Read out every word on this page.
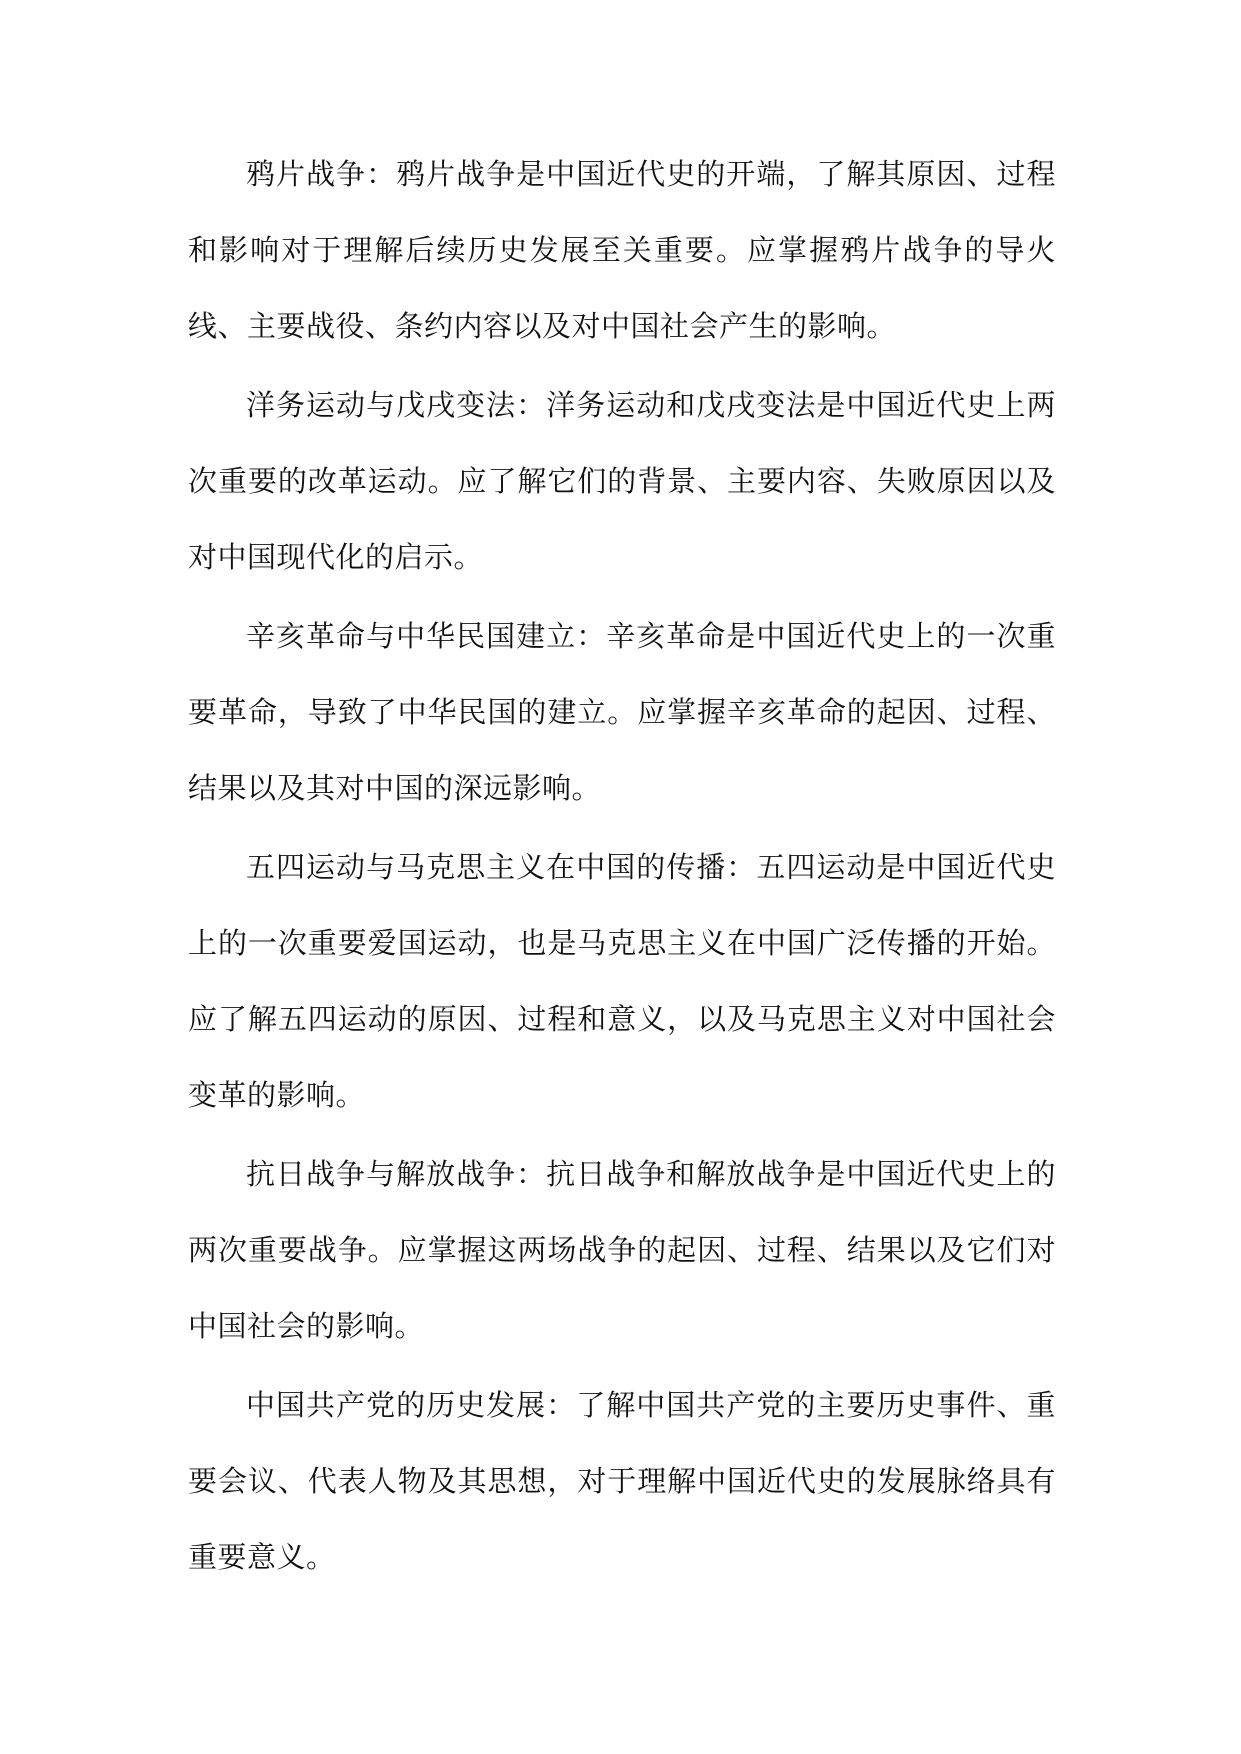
鸦片战争：鸦片战争是中国近代史的开端，了解其原因、过程和影响对于理解后续历史发展至关重要。应掌握鸦片战争的导火线、主要战役、条约内容以及对中国社会产生的影响。

洋务运动与戊戌变法：洋务运动和戊戌变法是中国近代史上两次重要的改革运动。应了解它们的背景、主要内容、失败原因以及对中国现代化的启示。

辛亥革命与中华民国建立：辛亥革命是中国近代史上的一次重要革命，导致了中华民国的建立。应掌握辛亥革命的起因、过程、结果以及其对中国的深远影响。

五四运动与马克思主义在中国的传播：五四运动是中国近代史上的一次重要爱国运动，也是马克思主义在中国广泛传播的开始。应了解五四运动的原因、过程和意义，以及马克思主义对中国社会变革的影响。

抗日战争与解放战争：抗日战争和解放战争是中国近代史上的两次重要战争。应掌握这两场战争的起因、过程、结果以及它们对中国社会的影响。

中国共产党的历史发展：了解中国共产党的主要历史事件、重要会议、代表人物及其思想，对于理解中国近代史的发展脉络具有重要意义。
